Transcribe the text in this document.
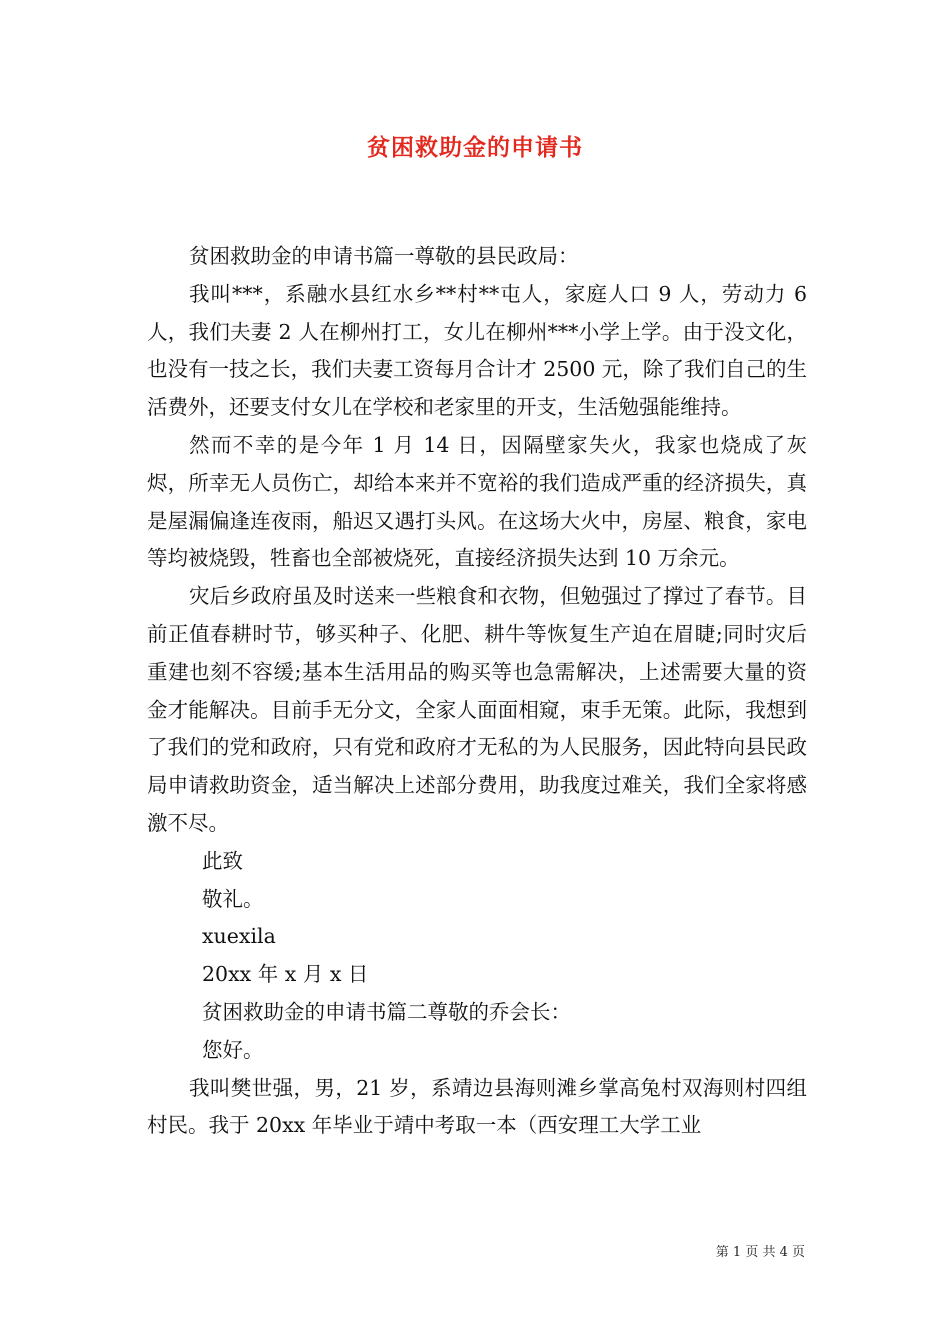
贫困救助金的申请书

贫困救助金的申请书篇一尊敬的县民政局：

我叫***，系融水县红水乡**村**屯人，家庭人口 9 人，劳动力 6 人，我们夫妻 2 人在柳州打工，女儿在柳州***小学上学。由于没文化，也没有一技之长，我们夫妻工资每月合计才 2500 元，除了我们自己的生活费外，还要支付女儿在学校和老家里的开支，生活勉强能维持。

然而不幸的是今年 1 月 14 日，因隔壁家失火，我家也烧成了灰烬，所幸无人员伤亡，却给本来并不宽裕的我们造成严重的经济损失，真是屋漏偏逢连夜雨，船迟又遇打头风。在这场大火中，房屋、粮食，家电等均被烧毁，牲畜也全部被烧死，直接经济损失达到 10 万余元。

灾后乡政府虽及时送来一些粮食和衣物，但勉强过了撑过了春节。目前正值春耕时节，够买种子、化肥、耕牛等恢复生产迫在眉睫;同时灾后重建也刻不容缓;基本生活用品的购买等也急需解决，上述需要大量的资金才能解决。目前手无分文，全家人面面相窥，束手无策。此际，我想到了我们的党和政府，只有党和政府才无私的为人民服务，因此特向县民政局申请救助资金，适当解决上述部分费用，助我度过难关，我们全家将感激不尽。

此致

敬礼。

xuexila

20xx 年 x 月 x 日

贫困救助金的申请书篇二尊敬的乔会长：

您好。

我叫樊世强，男，21 岁，系靖边县海则滩乡掌高兔村双海则村四组村民。我于 20xx 年毕业于靖中考取一本（西安理工大学工业

第 1 页 共 4 页
